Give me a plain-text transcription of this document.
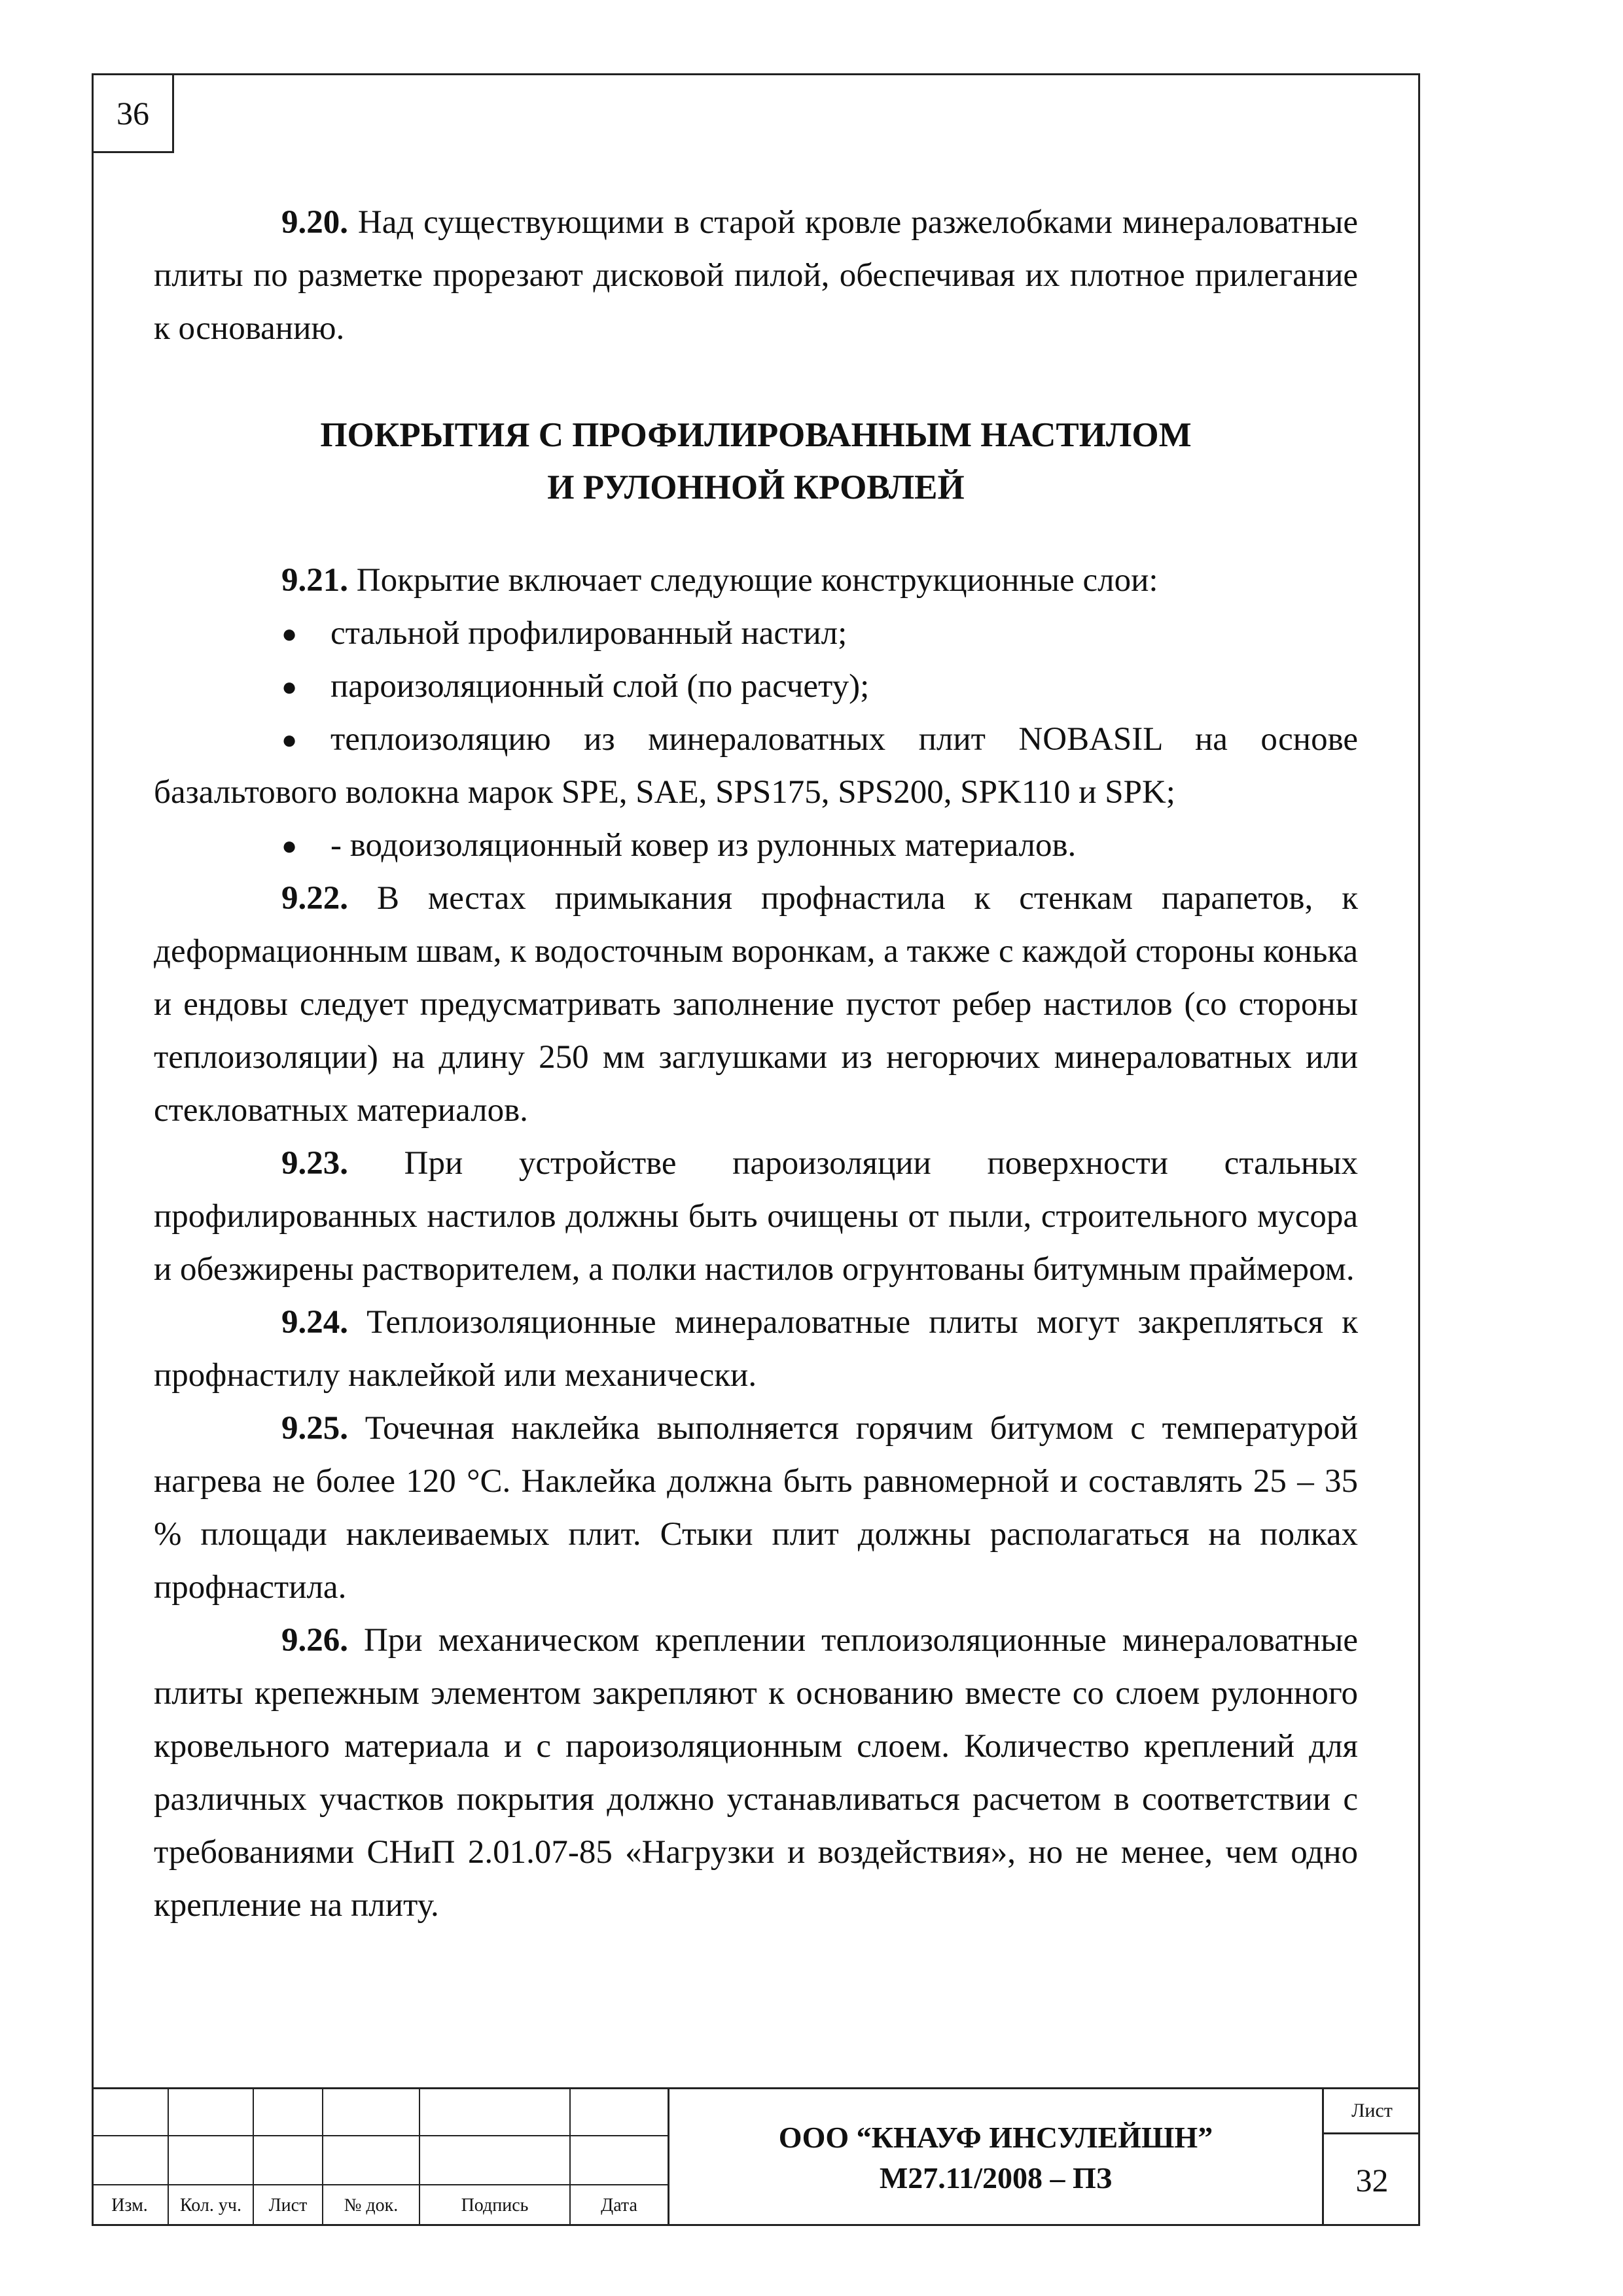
36

9.20. Над существующими в старой кровле разжелобками минераловатные плиты по разметке прорезают дисковой пилой, обеспечивая их плотное прилегание к основанию.

ПОКРЫТИЯ С ПРОФИЛИРОВАННЫМ НАСТИЛОМ
И РУЛОННОЙ КРОВЛЕЙ

9.21. Покрытие включает следующие конструкционные слои:

● стальной профилированный настил;
● пароизоляционный слой (по расчету);
● теплоизоляцию из минераловатных плит NOBASIL на основе базальтового волокна марок SPE, SAE, SPS175, SPS200, SPK110 и SPK;
● - водоизоляционный ковер из рулонных материалов.

9.22. В местах примыкания профнастила к стенкам парапетов, к деформационным швам, к водосточным воронкам, а также с каждой стороны конька и ендовы следует предусматривать заполнение пустот ребер настилов (со стороны теплоизоляции) на длину 250 мм заглушками из негорючих минераловатных или стекловатных материалов.

9.23. При устройстве пароизоляции поверхности стальных профилированных настилов должны быть очищены от пыли, строительного мусора и обезжирены растворителем, а полки настилов огрунтованы битумным праймером.

9.24. Теплоизоляционные минераловатные плиты могут закрепляться к профнастилу наклейкой или механически.

9.25. Точечная наклейка выполняется горячим битумом с температурой нагрева не более 120 °С. Наклейка должна быть равномерной и составлять 25 – 35 % площади наклеиваемых плит. Стыки плит должны располагаться на полках профнастила.

9.26. При механическом креплении теплоизоляционные минераловатные плиты крепежным элементом закрепляют к основанию вместе со слоем рулонного кровельного материала и с пароизоляционным слоем. Количество креплений для различных участков покрытия должно устанавливаться расчетом в соответствии с требованиями СНиП 2.01.07-85 «Нагрузки и воздействия», но не менее, чем одно крепление на плиту.

Изм.	Кол. уч.	Лист	№ док.	Подпись	Дата
ООО “КНАУФ ИНСУЛЕЙШН”
М27.11/2008 – ПЗ
Лист
32
